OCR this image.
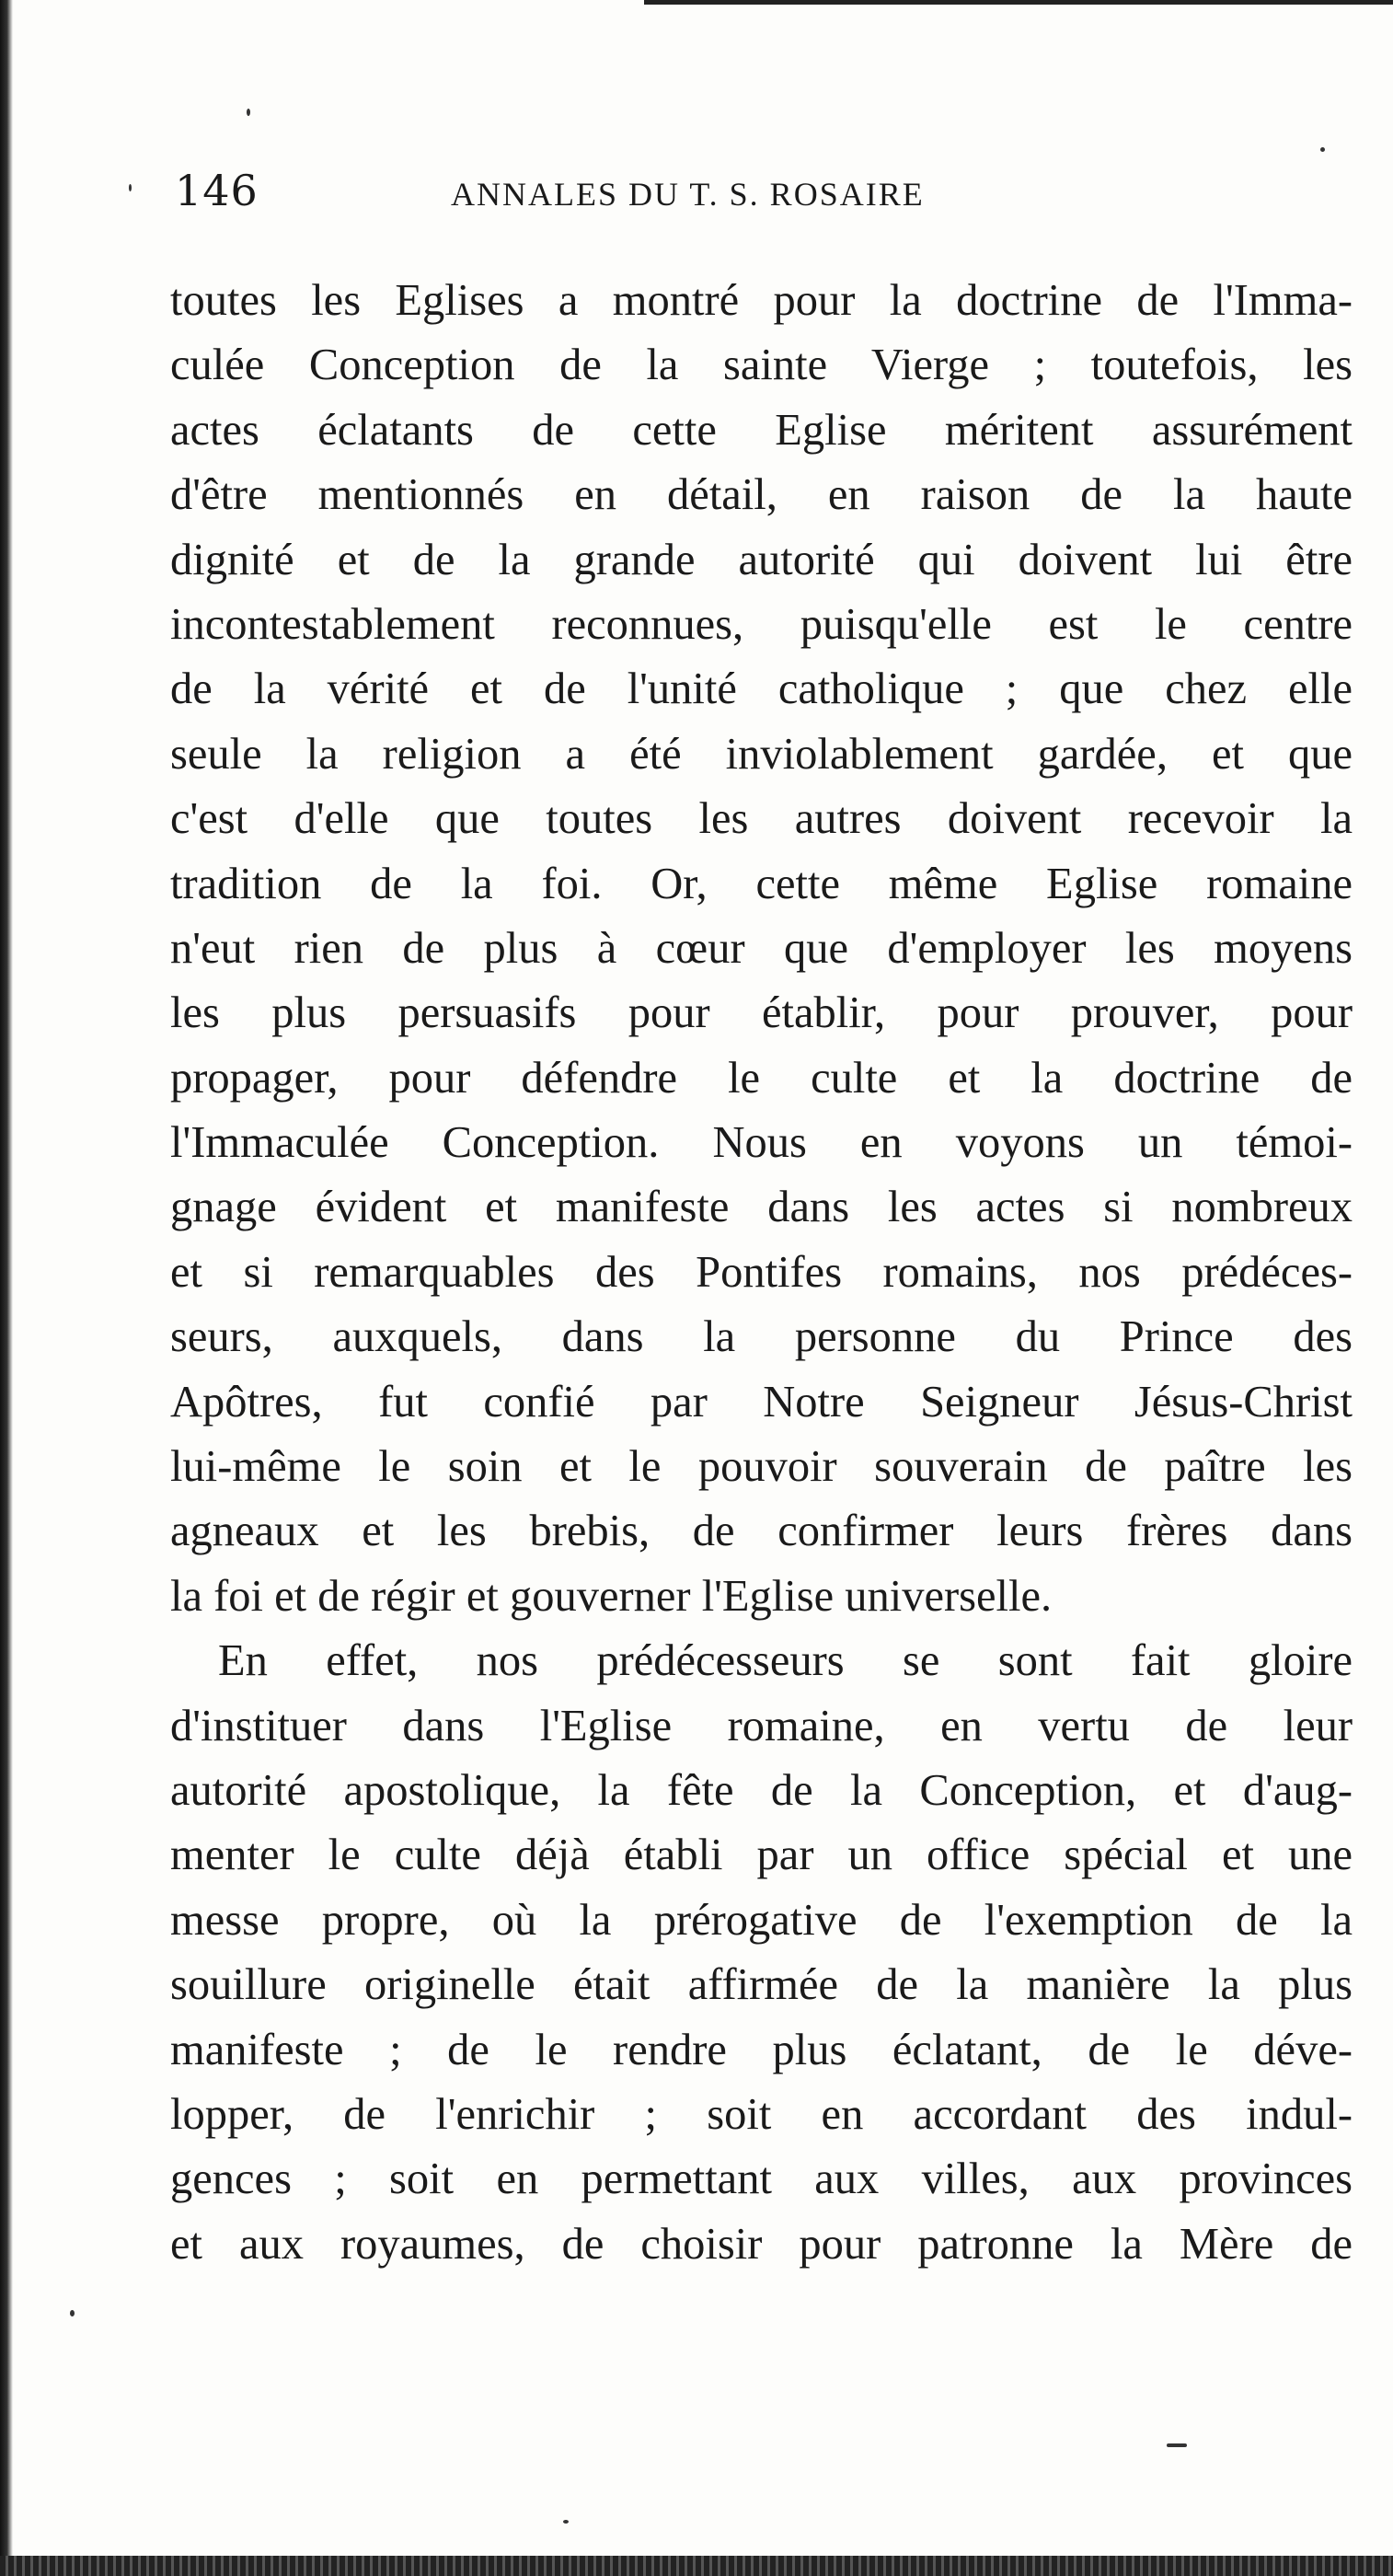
146	ANNALES DU T. S. ROSAIRE
toutes les Eglises a montré pour la doctrine de l'Imma-
culée Conception de la sainte Vierge ; toutefois, les
actes éclatants de cette Eglise méritent assurément
d'être mentionnés en détail, en raison de la haute
dignité et de la grande autorité qui doivent lui être
incontestablement reconnues, puisqu'elle est le centre
de la vérité et de l'unité catholique ; que chez elle
seule la religion a été inviolablement gardée, et que
c'est d'elle que toutes les autres doivent recevoir la
tradition de la foi. Or, cette même Eglise romaine
n'eut rien de plus à cœur que d'employer les moyens
les plus persuasifs pour établir, pour prouver, pour
propager, pour défendre le culte et la doctrine de
l'Immaculée Conception. Nous en voyons un témoi-
gnage évident et manifeste dans les actes si nombreux
et si remarquables des Pontifes romains, nos prédéces-
seurs, auxquels, dans la personne du Prince des
Apôtres, fut confié par Notre Seigneur Jésus-Christ
lui-même le soin et le pouvoir souverain de paître les
agneaux et les brebis, de confirmer leurs frères dans
la foi et de régir et gouverner l'Eglise universelle.
En effet, nos prédécesseurs se sont fait gloire
d'instituer dans l'Eglise romaine, en vertu de leur
autorité apostolique, la fête de la Conception, et d'aug-
menter le culte déjà établi par un office spécial et une
messe propre, où la prérogative de l'exemption de la
souillure originelle était affirmée de la manière la plus
manifeste ; de le rendre plus éclatant, de le déve-
lopper, de l'enrichir ; soit en accordant des indul-
gences ; soit en permettant aux villes, aux provinces
et aux royaumes, de choisir pour patronne la Mère de
